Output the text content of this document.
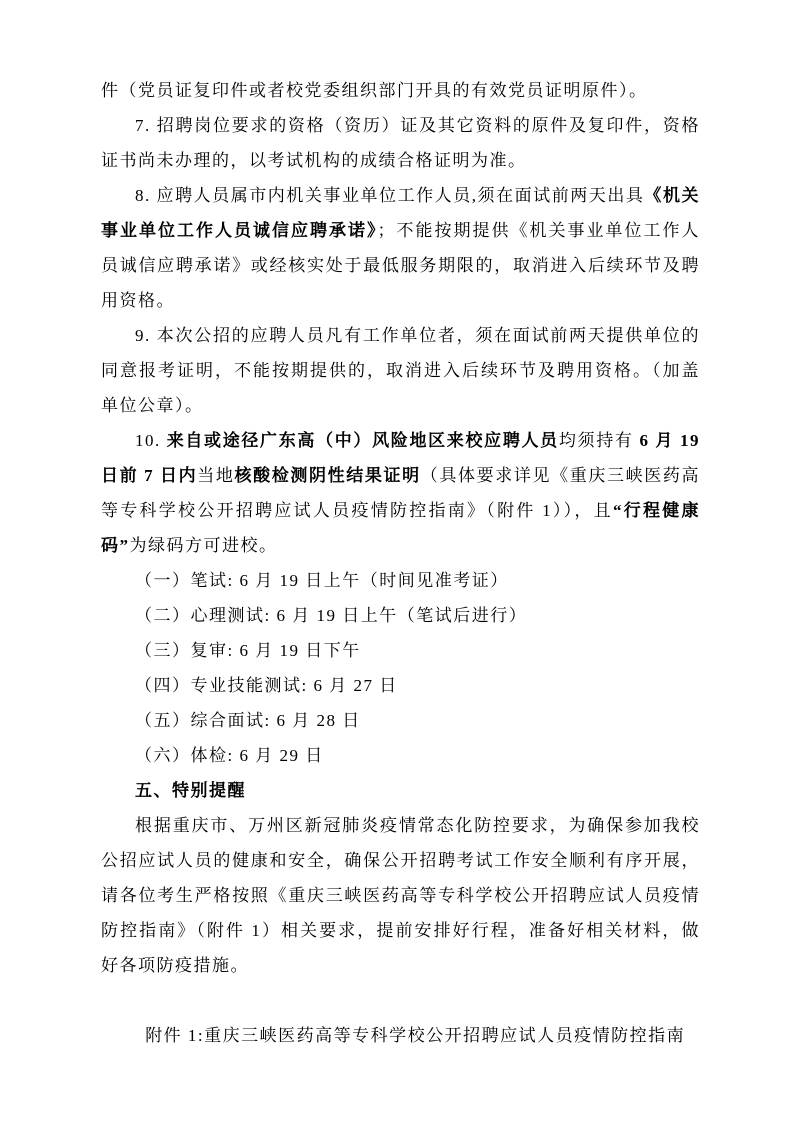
件（党员证复印件或者校党委组织部门开具的有效党员证明原件）。

7. 招聘岗位要求的资格（资历）证及其它资料的原件及复印件，资格证书尚未办理的，以考试机构的成绩合格证明为准。

8. 应聘人员属市内机关事业单位工作人员,须在面试前两天出具《机关事业单位工作人员诚信应聘承诺》；不能按期提供《机关事业单位工作人员诚信应聘承诺》或经核实处于最低服务期限的，取消进入后续环节及聘用资格。

9. 本次公招的应聘人员凡有工作单位者，须在面试前两天提供单位的同意报考证明，不能按期提供的，取消进入后续环节及聘用资格。（加盖单位公章）。

10. 来自或途径广东高（中）风险地区来校应聘人员均须持有 6 月 19 日前 7 日内当地核酸检测阴性结果证明（具体要求详见《重庆三峡医药高等专科学校公开招聘应试人员疫情防控指南》（附件 1）），且“行程健康码”为绿码方可进校。

（一）笔试: 6 月 19 日上午（时间见准考证）

（二）心理测试: 6 月 19 日上午（笔试后进行）

（三）复审: 6 月 19 日下午

（四）专业技能测试: 6 月 27 日

（五）综合面试: 6 月 28 日

（六）体检: 6 月 29 日

五、特别提醒

根据重庆市、万州区新冠肺炎疫情常态化防控要求，为确保参加我校公招应试人员的健康和安全，确保公开招聘考试工作安全顺利有序开展，请各位考生严格按照《重庆三峡医药高等专科学校公开招聘应试人员疫情防控指南》（附件 1）相关要求，提前安排好行程，准备好相关材料，做好各项防疫措施。

附件 1:重庆三峡医药高等专科学校公开招聘应试人员疫情防控指南
